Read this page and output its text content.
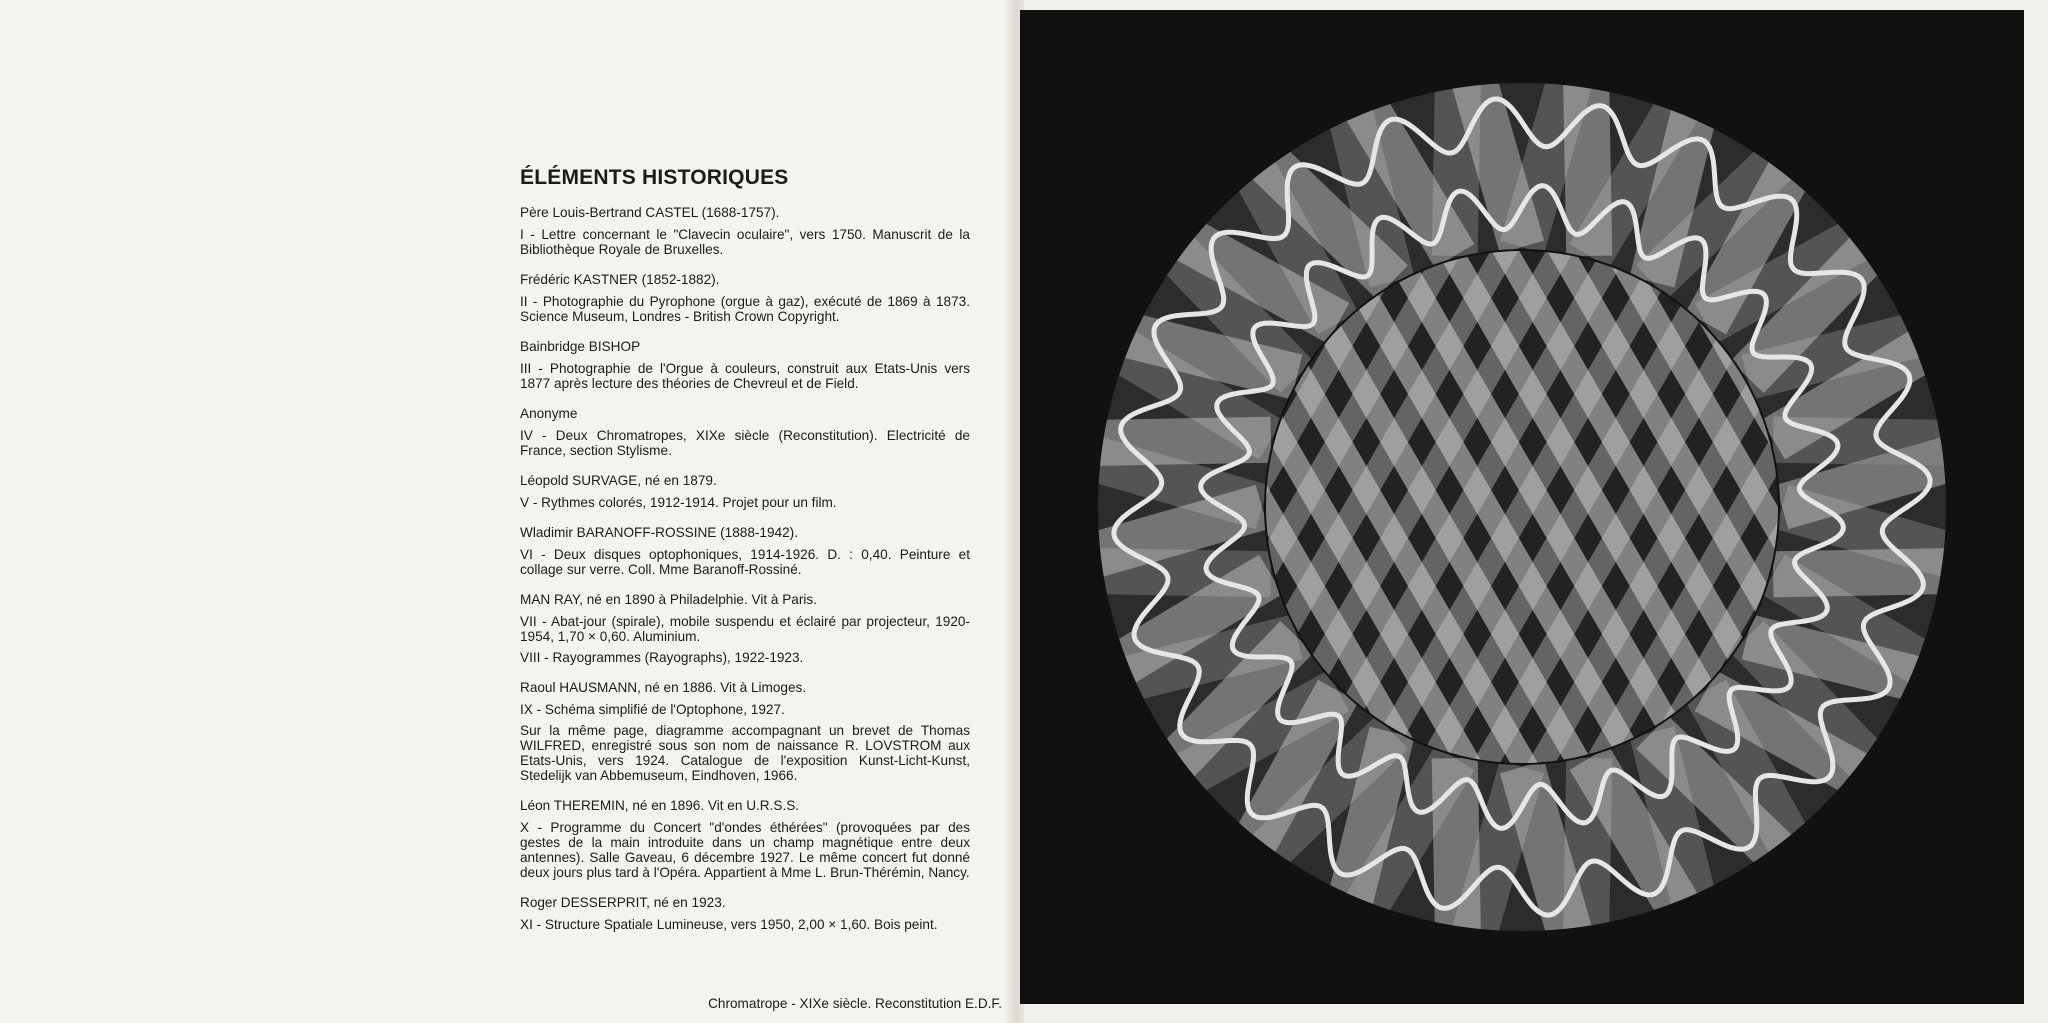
ÉLÉMENTS HISTORIQUES
Père Louis-Bertrand CASTEL (1688-1757).
I - Lettre concernant le "Clavecin oculaire", vers 1750. Manuscrit de la Bibliothèque Royale de Bruxelles.
Frédéric KASTNER (1852-1882).
II - Photographie du Pyrophone (orgue à gaz), exécuté de 1869 à 1873. Science Museum, Londres - British Crown Copyright.
Bainbridge BISHOP
III - Photographie de l'Orgue à couleurs, construit aux Etats-Unis vers 1877 après lecture des théories de Chevreul et de Field.
Anonyme
IV - Deux Chromatropes, XIXe siècle (Reconstitution). Electricité de France, section Stylisme.
Léopold SURVAGE, né en 1879.
V - Rythmes colorés, 1912-1914. Projet pour un film.
Wladimir BARANOFF-ROSSINE (1888-1942).
VI - Deux disques optophoniques, 1914-1926. D. : 0,40. Peinture et collage sur verre. Coll. Mme Baranoff-Rossiné.
MAN RAY, né en 1890 à Philadelphie. Vit à Paris.
VII - Abat-jour (spirale), mobile suspendu et éclairé par projecteur, 1920-1954, 1,70 × 0,60. Aluminium.
VIII - Rayogrammes (Rayographs), 1922-1923.
Raoul HAUSMANN, né en 1886. Vit à Limoges.
IX - Schéma simplifié de l'Optophone, 1927.
Sur la même page, diagramme accompagnant un brevet de Thomas WILFRED, enregistré sous son nom de naissance R. LOVSTROM aux Etats-Unis, vers 1924. Catalogue de l'exposition Kunst-Licht-Kunst, Stedelijk van Abbemuseum, Eindhoven, 1966.
Léon THEREMIN, né en 1896. Vit en U.R.S.S.
X - Programme du Concert "d'ondes éthérées" (provoquées par des gestes de la main introduite dans un champ magnétique entre deux antennes). Salle Gaveau, 6 décembre 1927. Le même concert fut donné deux jours plus tard à l'Opéra. Appartient à Mme L. Brun-Thérémin, Nancy.
Roger DESSERPRIT, né en 1923.
XI - Structure Spatiale Lumineuse, vers 1950, 2,00 × 1,60. Bois peint.
Chromatrope - XIXe siècle. Reconstitution E.D.F.
